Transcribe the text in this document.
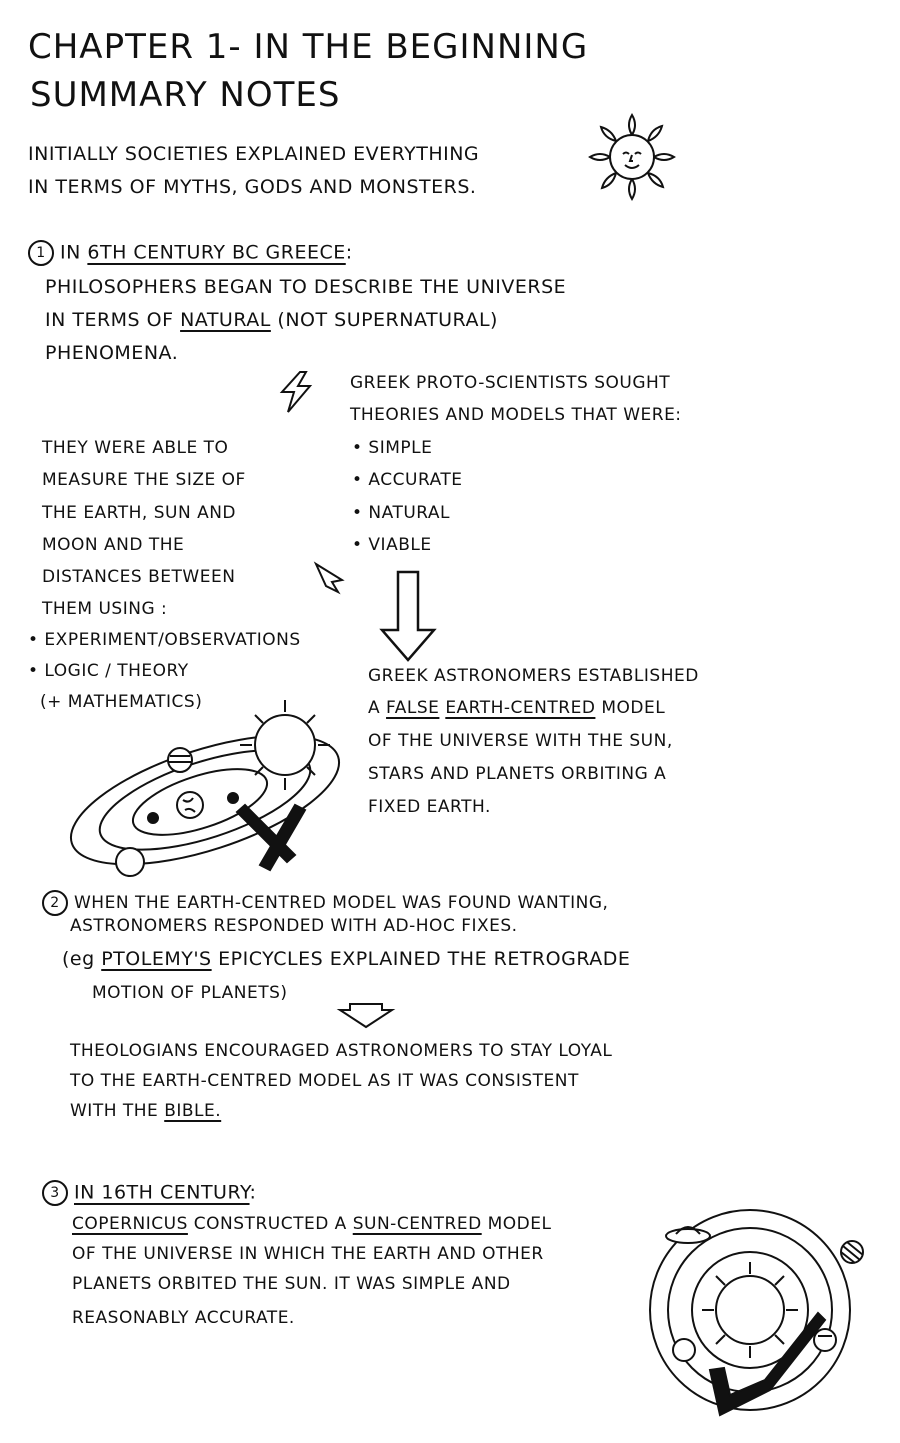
CHAPTER 1- IN THE BEGINNING
SUMMARY NOTES
INITIALLY SOCIETIES EXPLAINED EVERYTHING
IN TERMS OF MYTHS, GODS AND MONSTERS.
1 IN 6TH CENTURY BC GREECE:
PHILOSOPHERS BEGAN TO DESCRIBE THE UNIVERSE
IN TERMS OF NATURAL (NOT SUPERNATURAL)
PHENOMENA.
GREEK PROTO-SCIENTISTS SOUGHT
THEORIES AND MODELS THAT WERE:
• SIMPLE
• ACCURATE
• NATURAL
• VIABLE
THEY WERE ABLE TO
MEASURE THE SIZE OF
THE EARTH, SUN AND
MOON AND THE
DISTANCES BETWEEN
THEM USING :
• EXPERIMENT/OBSERVATIONS
• LOGIC / THEORY
(+ MATHEMATICS)
GREEK ASTRONOMERS ESTABLISHED
A FALSE EARTH-CENTRED MODEL
OF THE UNIVERSE WITH THE SUN,
STARS AND PLANETS ORBITING A
FIXED EARTH.
2 WHEN THE EARTH-CENTRED MODEL WAS FOUND WANTING,
ASTRONOMERS RESPONDED WITH AD-HOC FIXES.
(eg PTOLEMY'S EPICYCLES EXPLAINED THE RETROGRADE
MOTION OF PLANETS)
THEOLOGIANS ENCOURAGED ASTRONOMERS TO STAY LOYAL
TO THE EARTH-CENTRED MODEL AS IT WAS CONSISTENT
WITH THE BIBLE.
3 IN 16TH CENTURY:
COPERNICUS CONSTRUCTED A SUN-CENTRED MODEL
OF THE UNIVERSE IN WHICH THE EARTH AND OTHER
PLANETS ORBITED THE SUN. IT WAS SIMPLE AND
REASONABLY ACCURATE.
